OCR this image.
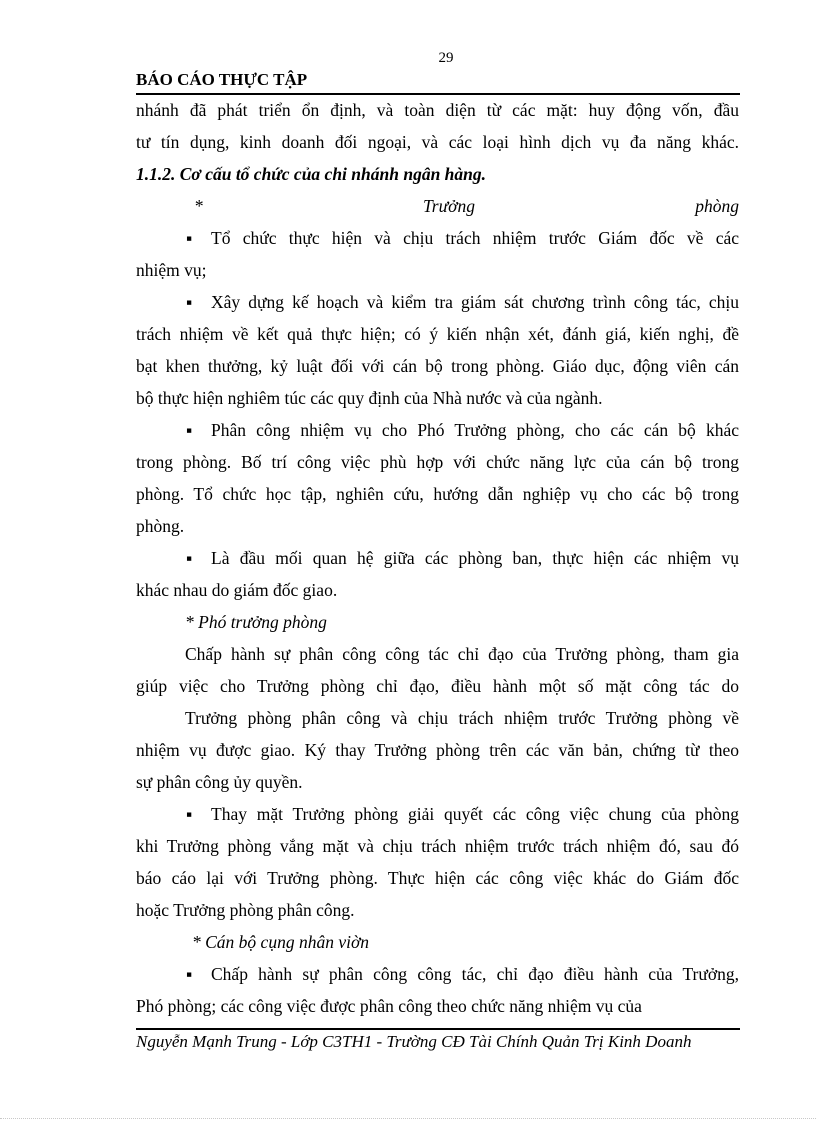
29
BÁO CÁO THỰC TẬP
nhánh đã phát triển ổn định, và toàn diện từ các mặt: huy động vốn, đầu
tư tín dụng, kinh doanh đối ngoại, và các loại hình dịch vụ đa năng khác.
1.1.2. Cơ cấu tổ chức của chi nhánh ngân hàng.
*	Trưởng	phòng
▪ Tổ chức thực hiện và chịu trách nhiệm trước Giám đốc về các
nhiệm vụ;
▪ Xây dựng kế hoạch và kiểm tra giám sát chương trình công tác, chịu
trách nhiệm về kết quả thực hiện; có ý kiến nhận xét, đánh giá, kiến nghị, đề
bạt khen thưởng, kỷ luật đối với cán bộ trong phòng. Giáo dục, động viên cán
bộ thực hiện nghiêm túc các quy định của Nhà nước và của ngành.
▪ Phân công nhiệm vụ cho Phó Trưởng phòng, cho các cán bộ khác
trong phòng. Bố trí công việc phù hợp với chức năng lực của cán bộ trong
phòng. Tổ chức học tập, nghiên cứu, hướng dẫn nghiệp vụ cho các bộ trong
phòng.
▪ Là đầu mối quan hệ giữa các phòng ban, thực hiện các nhiệm vụ
khác nhau do giám đốc giao.
* Phó trưởng phòng
Chấp hành sự phân công công tác chỉ đạo của Trưởng phòng, tham gia
giúp việc cho Trưởng phòng chỉ đạo, điều hành một số mặt công tác do
Trưởng phòng phân công và chịu trách nhiệm trước Trưởng phòng về
nhiệm vụ được giao. Ký thay Trưởng phòng trên các văn bản, chứng từ theo
sự phân công ủy quyền.
▪ Thay mặt Trưởng phòng giải quyết các công việc chung của phòng
khi Trưởng phòng vắng mặt và chịu trách nhiệm trước trách nhiệm đó, sau đó
báo cáo lại với Trưởng phòng. Thực hiện các công việc khác do Giám đốc
hoặc Trưởng phòng phân công.
* Cán bộ cụng nhân viờn
▪ Chấp hành sự phân công công tác, chỉ đạo điều hành của Trưởng,
Phó phòng; các công việc được phân công theo chức năng nhiệm vụ của
Nguyễn Mạnh Trung - Lớp C3TH1 - Trường CĐ Tài Chính Quản Trị Kinh Doanh
